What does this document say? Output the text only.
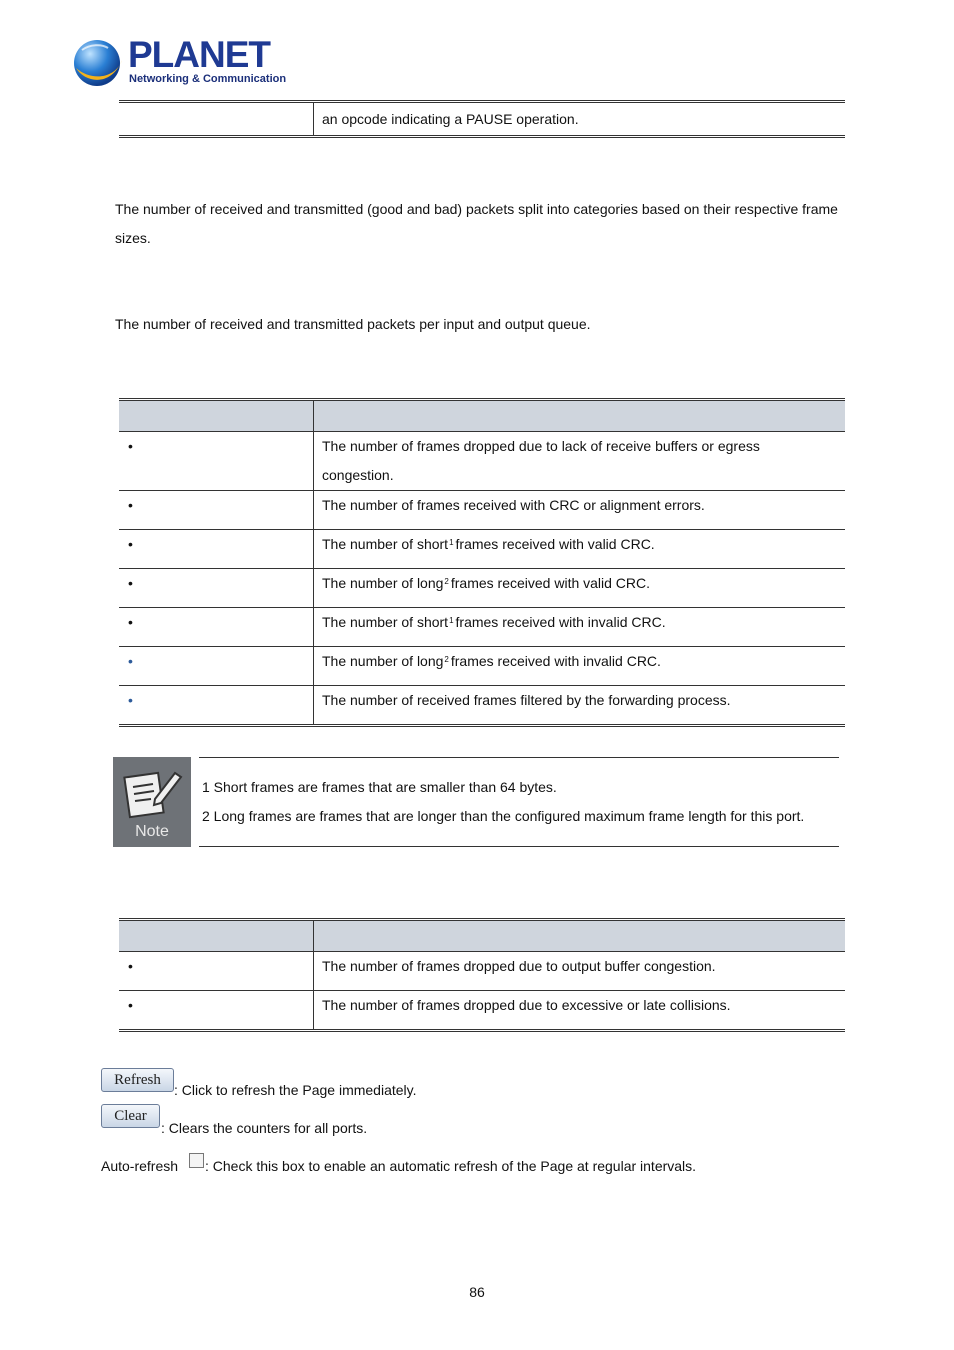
PLANET
Networking & Communication
	an opcode indicating a PAUSE operation.
The number of received and transmitted (good and bad) packets split into categories based on their respective frame
sizes.
The number of received and transmitted packets per input and output queue.

•	The number of frames dropped due to lack of receive buffers or egress
congestion.

•	The number of frames received with CRC or alignment errors.
•	The number of short$^1$ frames received with valid CRC.
•	The number of long$^2$ frames received with valid CRC.
•	The number of short$^1$ frames received with invalid CRC.
•	The number of long$^2$ frames received with invalid CRC.
•	The number of received frames filtered by the forwarding process.
Note
1 Short frames are frames that are smaller than 64 bytes.
2 Long frames are frames that are longer than the configured maximum frame length for this port.

•	The number of frames dropped due to output buffer congestion.
•	The number of frames dropped due to excessive or late collisions.
Refresh
: Click to refresh the Page immediately.
Clear
: Clears the counters for all ports.
Auto-refresh : Check this box to enable an automatic refresh of the Page at regular intervals.
86
